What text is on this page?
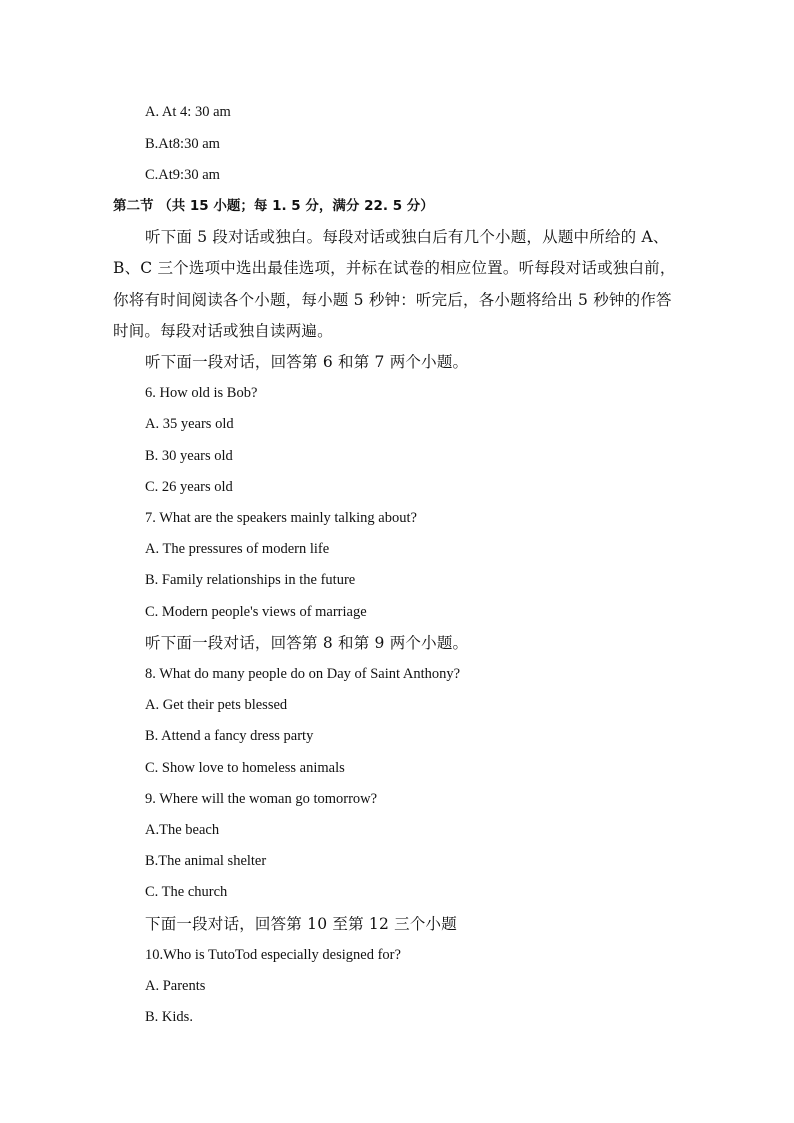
A. At 4: 30 am
B.At8:30 am
C.At9:30 am
第二节 （共 15 小题；每 1. 5 分，满分 22. 5 分）
听下面 5 段对话或独白。每段对话或独白后有几个小题，从题中所给的 A、
B、C 三个选项中选出最佳选项，并标在试卷的相应位置。听每段对话或独白前，
你将有时间阅读各个小题，每小题 5 秒钟：听完后，各小题将给出 5 秒钟的作答
时间。每段对话或独自读两遍。
听下面一段对话，回答第 6 和第 7 两个小题。
6. How old is Bob?
A. 35 years old
B. 30 years old
C. 26 years old
7. What are the speakers mainly talking about?
A. The pressures of modern life
B. Family relationships in the future
C. Modern people's views of marriage
听下面一段对话，回答第 8 和第 9 两个小题。
8. What do many people do on Day of Saint Anthony?
A. Get their pets blessed
B. Attend a fancy dress party
C. Show love to homeless animals
9. Where will the woman go tomorrow?
A.The beach
B.The animal shelter
C. The church
下面一段对话，回答第 10 至第 12 三个小题
10.Who is TutoTod especially designed for?
A. Parents
B. Kids.
